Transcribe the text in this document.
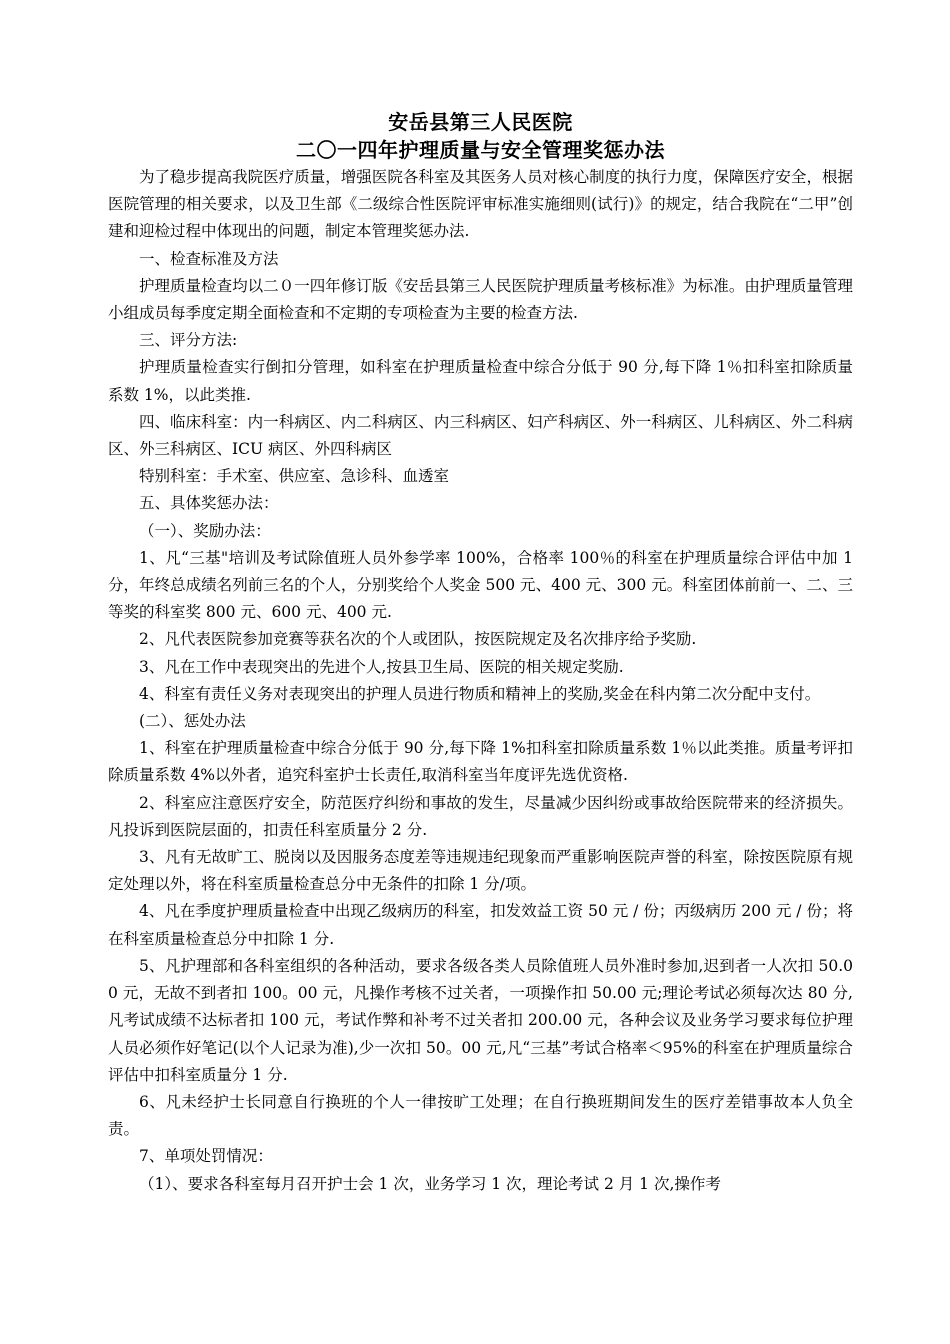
安岳县第三人民医院
二〇一四年护理质量与安全管理奖惩办法

为了稳步提高我院医疗质量，增强医院各科室及其医务人员对核心制度的执行力度，保障医疗安全，根据医院管理的相关要求，以及卫生部《二级综合性医院评审标准实施细则(试行)》的规定，结合我院在“二甲”创建和迎检过程中体现出的问题，制定本管理奖惩办法.

一、检查标准及方法

护理质量检查均以二０一四年修订版《安岳县第三人民医院护理质量考核标准》为标准。由护理质量管理小组成员每季度定期全面检查和不定期的专项检查为主要的检查方法.

三、评分方法:

护理质量检查实行倒扣分管理，如科室在护理质量检查中综合分低于 90 分,每下降 1％扣科室扣除质量系数 1%，以此类推.

四、临床科室：内一科病区、内二科病区、内三科病区、妇产科病区、外一科病区、儿科病区、外二科病区、外三科病区、ICU 病区、外四科病区

特别科室：手术室、供应室、急诊科、血透室

五、具体奖惩办法：

（一）、奖励办法：

1、凡“三基"培训及考试除值班人员外参学率 100%，合格率 100％的科室在护理质量综合评估中加 1 分，年终总成绩名列前三名的个人，分别奖给个人奖金 500 元、400 元、300 元。科室团体前前一、二、三等奖的科室奖 800 元、600 元、400 元.

2、凡代表医院参加竞赛等获名次的个人或团队，按医院规定及名次排序给予奖励.

3、凡在工作中表现突出的先进个人,按县卫生局、医院的相关规定奖励.

4、科室有责任义务对表现突出的护理人员进行物质和精神上的奖励,奖金在科内第二次分配中支付。

(二）、惩处办法

1、科室在护理质量检查中综合分低于 90 分,每下降 1%扣科室扣除质量系数 1％以此类推。质量考评扣除质量系数 4%以外者，追究科室护士长责任,取消科室当年度评先选优资格.

2、科室应注意医疗安全，防范医疗纠纷和事故的发生，尽量减少因纠纷或事故给医院带来的经济损失。凡投诉到医院层面的，扣责任科室质量分 2 分.

3、凡有无故旷工、脱岗以及因服务态度差等违规违纪现象而严重影响医院声誉的科室，除按医院原有规定处理以外，将在科室质量检查总分中无条件的扣除 1 分/项。

4、凡在季度护理质量检查中出现乙级病历的科室，扣发效益工资 50 元 / 份；丙级病历 200 元 / 份；将在科室质量检查总分中扣除 1 分.

5、凡护理部和各科室组织的各种活动，要求各级各类人员除值班人员外准时参加,迟到者一人次扣 50.00 元，无故不到者扣 100。00 元，凡操作考核不过关者，一项操作扣 50.00 元;理论考试必须每次达 80 分,凡考试成绩不达标者扣 100 元，考试作弊和补考不过关者扣 200.00 元，各种会议及业务学习要求每位护理人员必须作好笔记(以个人记录为准),少一次扣 50。00 元,凡“三基”考试合格率＜95%的科室在护理质量综合评估中扣科室质量分 1 分.

6、凡未经护士长同意自行换班的个人一律按旷工处理；在自行换班期间发生的医疗差错事故本人负全责。

7、单项处罚情况：

（1）、要求各科室每月召开护士会 1 次，业务学习 1 次，理论考试 2 月 1 次,操作考
